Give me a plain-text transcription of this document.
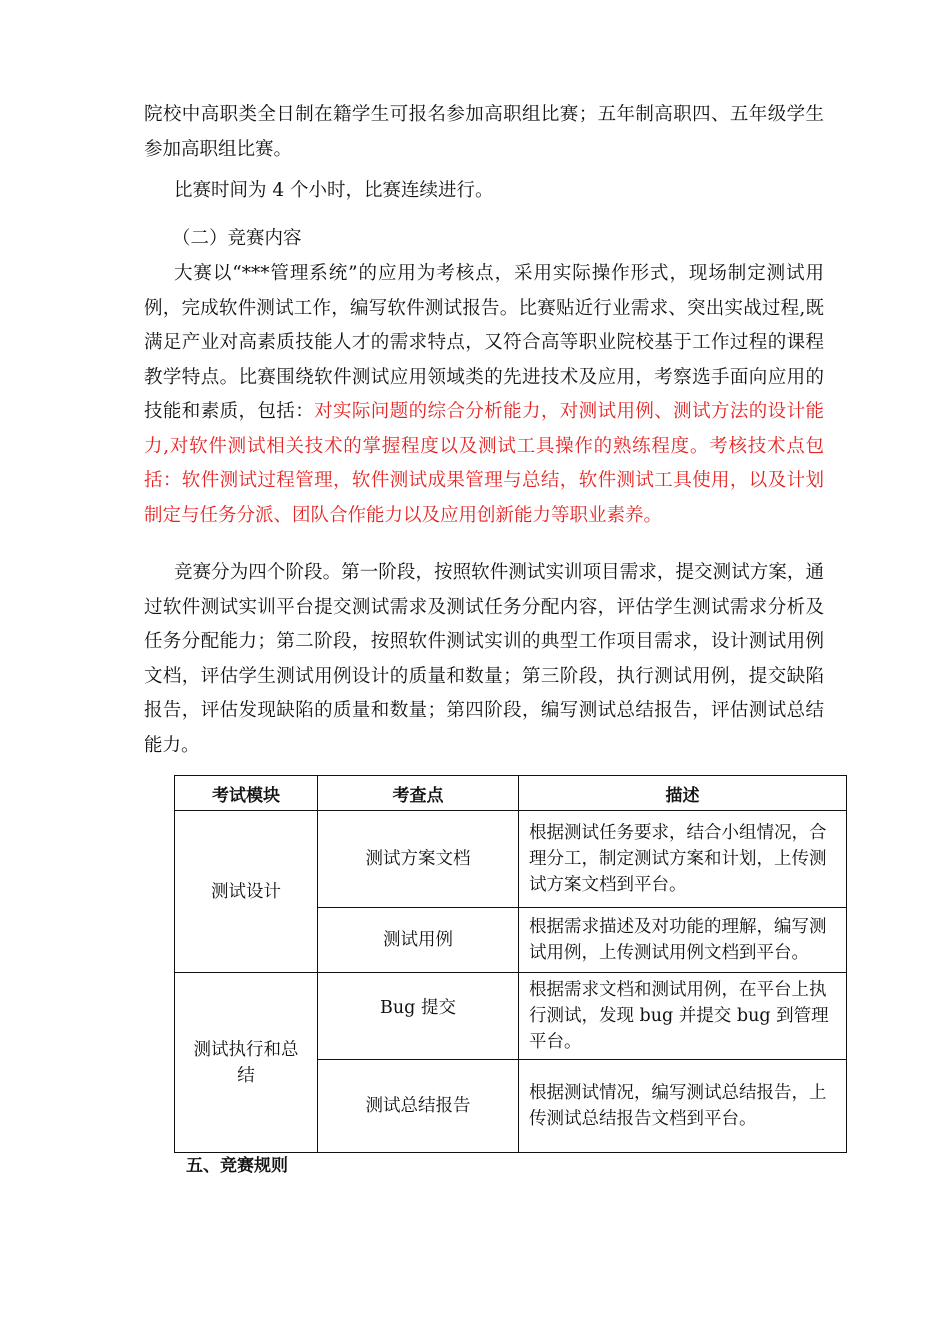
院校中高职类全日制在籍学生可报名参加高职组比赛；五年制高职四、五年级学生参加高职组比赛。

比赛时间为 4 个小时，比赛连续进行。

（二）竞赛内容

大赛以“***管理系统”的应用为考核点，采用实际操作形式，现场制定测试用例，完成软件测试工作，编写软件测试报告。比赛贴近行业需求、突出实战过程,既满足产业对高素质技能人才的需求特点，又符合高等职业院校基于工作过程的课程教学特点。比赛围绕软件测试应用领域类的先进技术及应用，考察选手面向应用的技能和素质，包括：对实际问题的综合分析能力，对测试用例、测试方法的设计能力,对软件测试相关技术的掌握程度以及测试工具操作的熟练程度。考核技术点包括：软件测试过程管理，软件测试成果管理与总结，软件测试工具使用，以及计划制定与任务分派、团队合作能力以及应用创新能力等职业素养。

竞赛分为四个阶段。第一阶段，按照软件测试实训项目需求，提交测试方案，通过软件测试实训平台提交测试需求及测试任务分配内容，评估学生测试需求分析及任务分配能力；第二阶段，按照软件测试实训的典型工作项目需求，设计测试用例文档，评估学生测试用例设计的质量和数量；第三阶段，执行测试用例，提交缺陷报告，评估发现缺陷的质量和数量；第四阶段，编写测试总结报告，评估测试总结能力。

考试模块	考查点	描述
测试设计	测试方案文档	根据测试任务要求，结合小组情况，合理分工，制定测试方案和计划，上传测试方案文档到平台。
	测试用例	根据需求描述及对功能的理解，编写测试用例，上传测试用例文档到平台。
测试执行和总结	Bug 提交	根据需求文档和测试用例，在平台上执行测试，发现 bug 并提交 bug 到管理平台。
	测试总结报告	根据测试情况，编写测试总结报告，上传测试总结报告文档到平台。

五、竞赛规则
